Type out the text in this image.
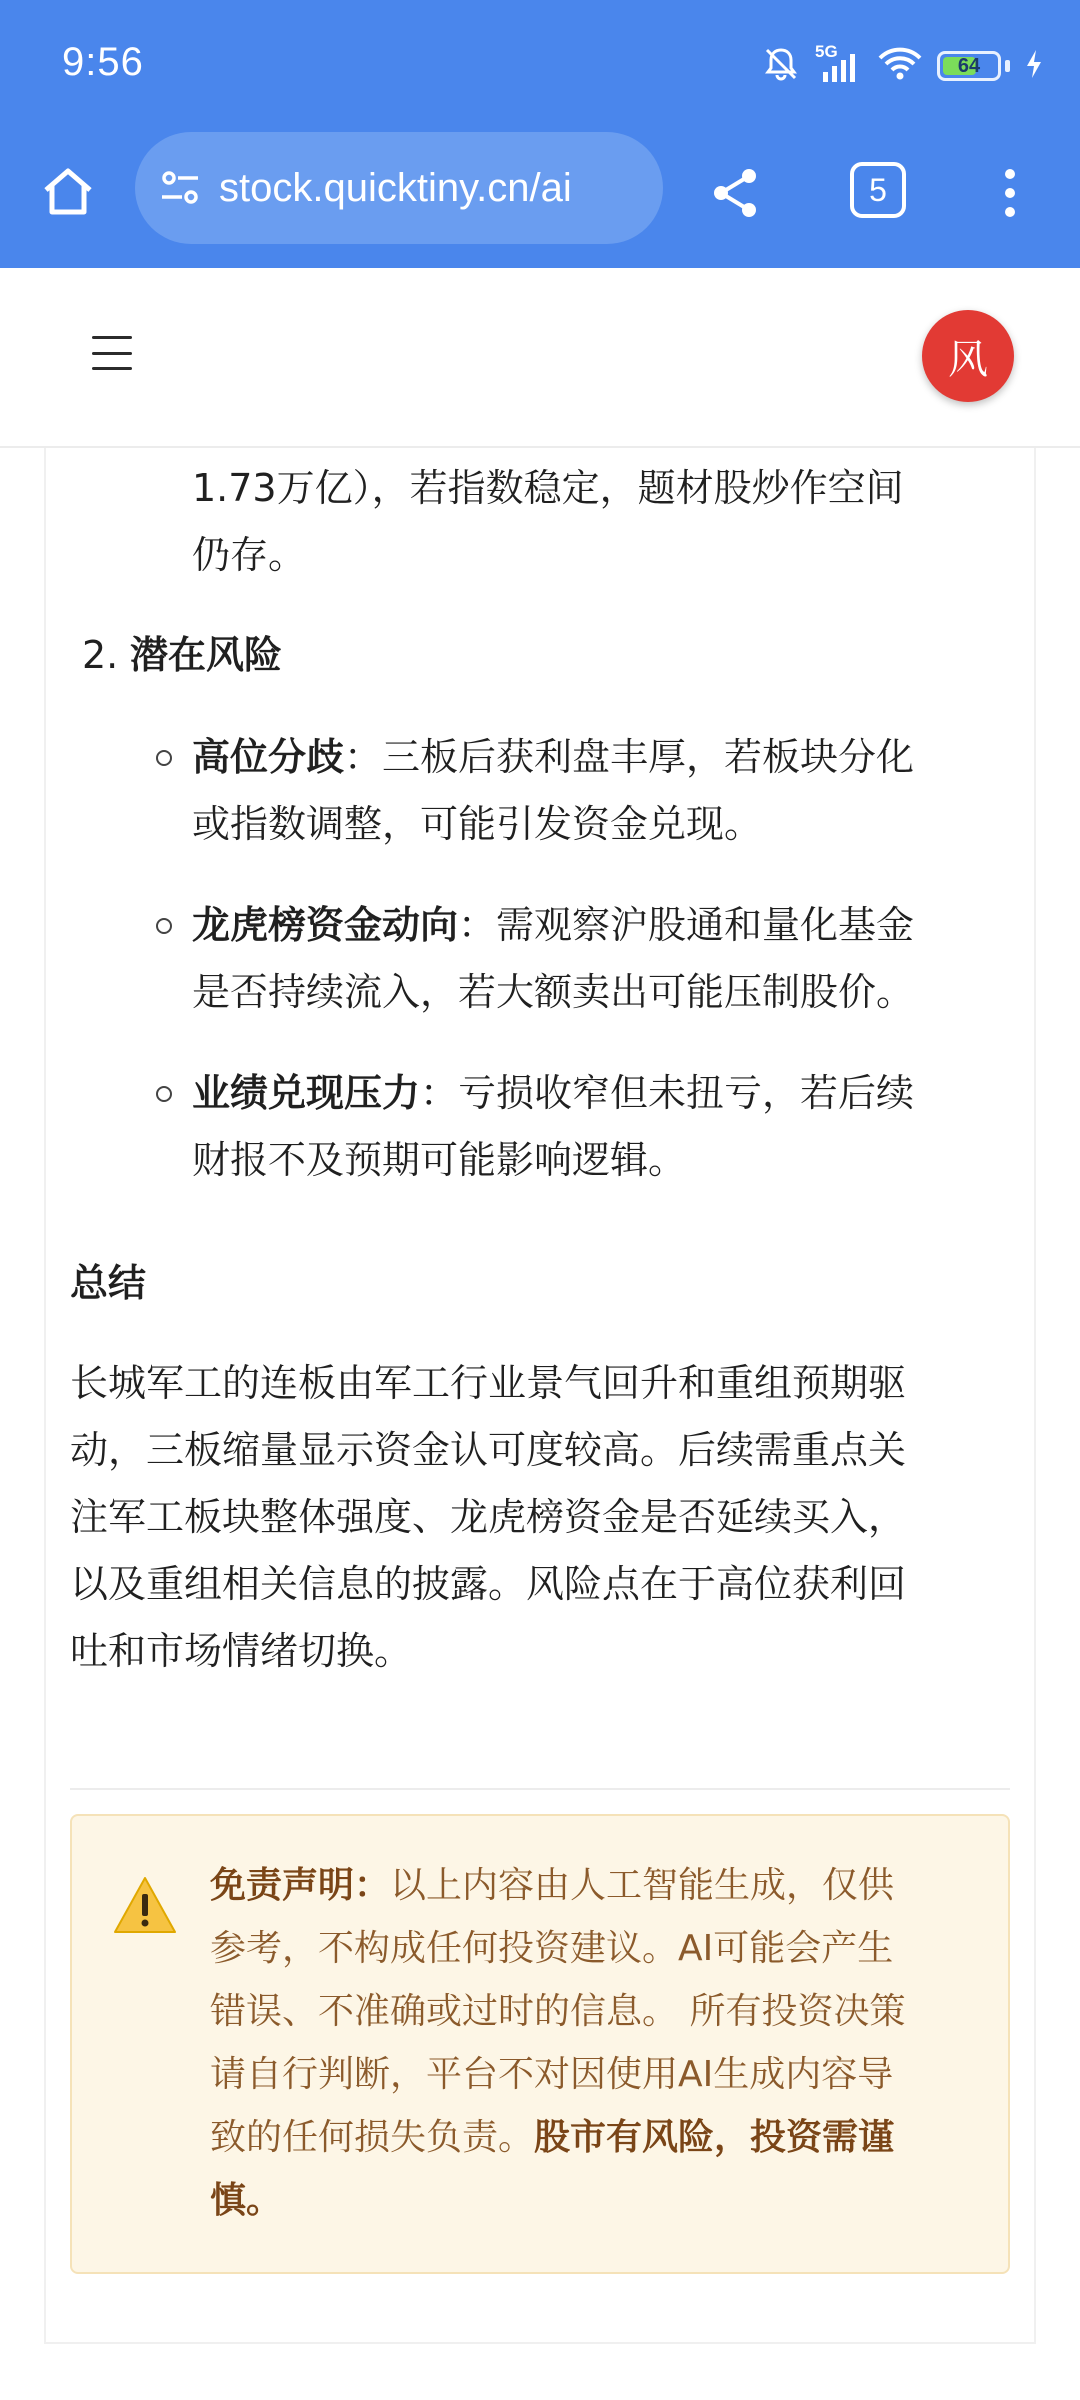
9:56	5G
64
stock.quicktiny.cn/ai	5
风
1.73万亿），若指数稳定，题材股炒作空间
仍存。
2. 潜在风险
高位分歧：三板后获利盘丰厚，若板块分化
或指数调整，可能引发资金兑现。
龙虎榜资金动向：需观察沪股通和量化基金
是否持续流入，若大额卖出可能压制股价。
业绩兑现压力：亏损收窄但未扭亏，若后续
财报不及预期可能影响逻辑。
总结
长城军工的连板由军工行业景气回升和重组预期驱
动，三板缩量显示资金认可度较高。后续需重点关
注军工板块整体强度、龙虎榜资金是否延续买入，
以及重组相关信息的披露。风险点在于高位获利回
吐和市场情绪切换。
免责声明：以上内容由人工智能生成，仅供
参考，不构成任何投资建议。AI可能会产生
错误、不准确或过时的信息。 所有投资决策
请自行判断，平台不对因使用AI生成内容导
致的任何损失负责。股市有风险，投资需谨
慎。
